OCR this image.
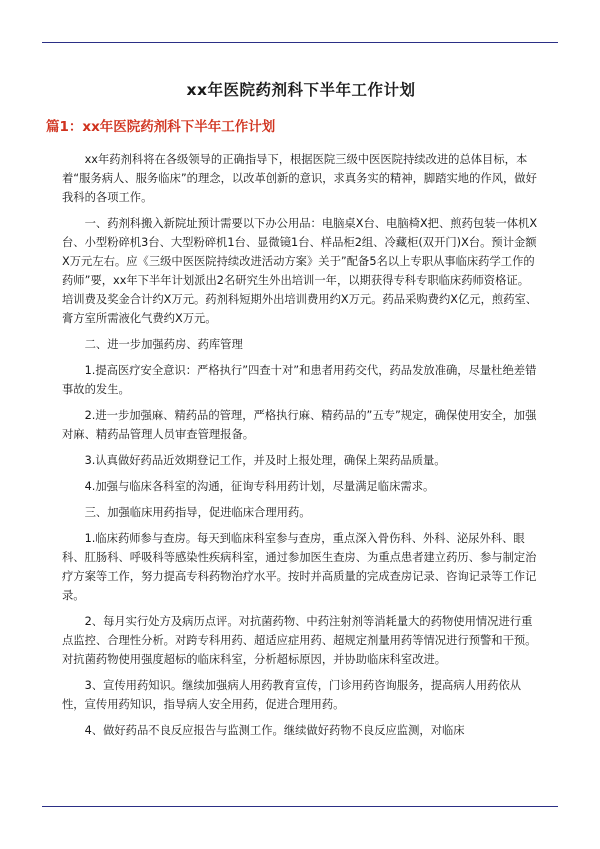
xx年医院药剂科下半年工作计划
篇1：xx年医院药剂科下半年工作计划

xx年药剂科将在各级领导的正确指导下，根据医院三级中医医院持续改进的总体目标，本着“服务病人、服务临床”的理念，以改革创新的意识，求真务实的精神，脚踏实地的作风，做好我科的各项工作。

一、药剂科搬入新院址预计需要以下办公用品：电脑桌X台、电脑椅X把、煎药包装一体机X台、小型粉碎机3台、大型粉碎机1台、显微镜1台、样品柜2组、冷藏柜(双开门)X台。预计金额X万元左右。应《三级中医医院持续改进活动方案》关于”配备5名以上专职从事临床药学工作的药师”要，xx年下半年计划派出2名研究生外出培训一年，以期获得专科专职临床药师资格证。培训费及奖金合计约X万元。药剂科短期外出培训费用约X万元。药品采购费约X亿元，煎药室、膏方室所需液化气费约X万元。

二、进一步加强药房、药库管理

1.提高医疗安全意识：严格执行”四查十对”和患者用药交代，药品发放准确，尽量杜绝差错事故的发生。

2.进一步加强麻、精药品的管理，严格执行麻、精药品的”五专”规定，确保使用安全，加强对麻、精药品管理人员审查管理报备。

3.认真做好药品近效期登记工作，并及时上报处理，确保上架药品质量。

4.加强与临床各科室的沟通，征询专科用药计划，尽量满足临床需求。

三、加强临床用药指导，促进临床合理用药。

1.临床药师参与查房。每天到临床科室参与查房，重点深入骨伤科、外科、泌尿外科、眼科、肛肠科、呼吸科等感染性疾病科室，通过参加医生查房、为重点患者建立药历、参与制定治疗方案等工作，努力提高专科药物治疗水平。按时并高质量的完成查房记录、咨询记录等工作记录。

2、每月实行处方及病历点评。对抗菌药物、中药注射剂等消耗量大的药物使用情况进行重点监控、合理性分析。对跨专科用药、超适应症用药、超规定剂量用药等情况进行预警和干预。对抗菌药物使用强度超标的临床科室，分析超标原因，并协助临床科室改进。

3、宣传用药知识。继续加强病人用药教育宣传，门诊用药咨询服务，提高病人用药依从性，宣传用药知识，指导病人安全用药，促进合理用药。

4、做好药品不良反应报告与监测工作。继续做好药物不良反应监测，对临床
